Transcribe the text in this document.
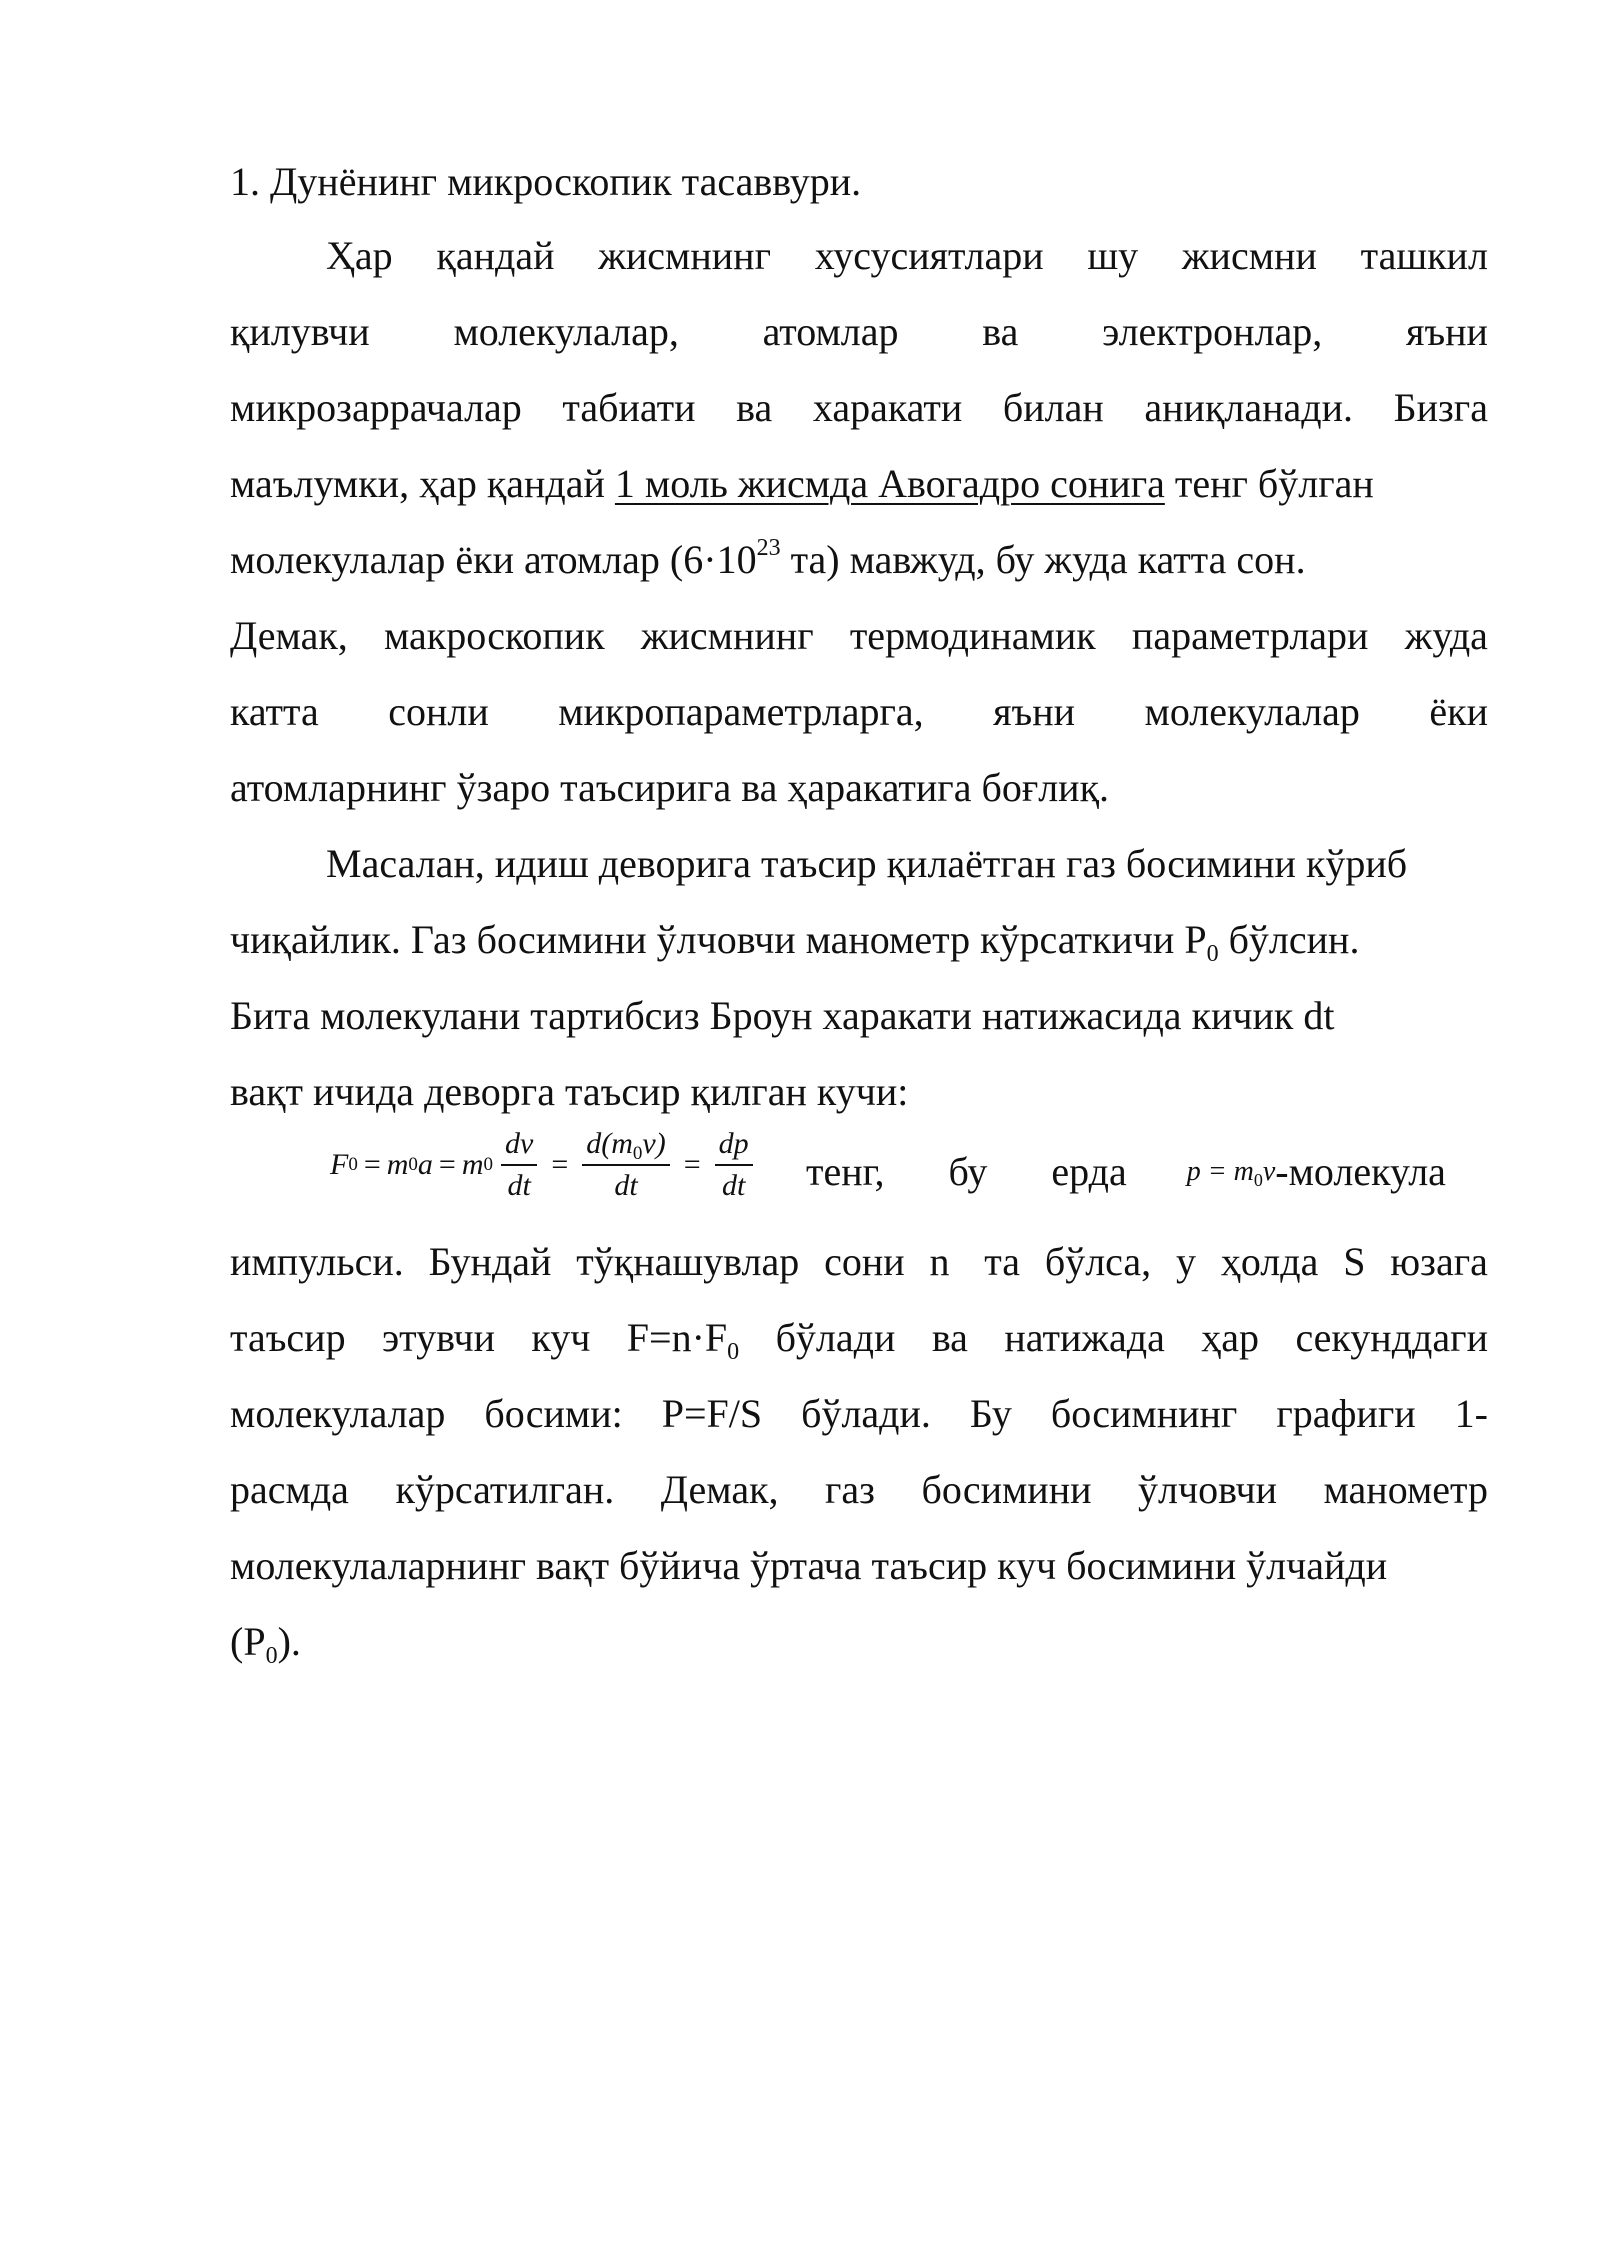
1. Дунёнинг микроскопик тасаввури.
Ҳар қандай жисмнинг хусусиятлари шу жисмни ташкил
қилувчи молекулалар, атомлар ва электронлар, яъни
микрозаррачалар табиати ва харакати билан аниқланади. Бизга
маълумки, ҳар қандай 1 моль жисмда Авогадро сонига тенг бўлган
молекулалар ёки атомлар ($6\cdot 10^{23}$ та) мавжуд, бу жуда катта сон.
Демак, макроскопик жисмнинг термодинамик параметрлари жуда
катта сонли микропараметрларга, яъни молекулалар ёки
атомларнинг ўзаро таъсирига ва ҳаракатига боғлиқ.
Масалан, идиш деворига таъсир қилаётган газ босимини кўриб
чиқайлик. Газ босимини ўлчовчи манометр кўрсаткичи $Р_0$ бўлсин.
Бита молекулани тартибсиз Броун харакати натижасида кичик dt
вақт ичида деворга таъсир қилган кучи:
F 0 = m 0 a = m $0 \frac{dv}{dt} = \frac{d(m_0v)}{dt} = \frac{dp}{dt}$ тенг, бу ерда $p = m_0v$ -молекула
импульси. Бундай тўқнашувлар сони n та бўлса, у ҳолда S юзага
таъсир этувчи куч $F=n\cdot F_0$ бўлади ва натижада ҳар секунддаги
молекулалар босими: P=F/S бўлади. Бу босимнинг графиги 1-
расмда кўрсатилган. Демак, газ босимини ўлчовчи манометр
молекулаларнинг вақт бўйича ўртача таъсир куч босимини ўлчайди
$(Р_0)$.
